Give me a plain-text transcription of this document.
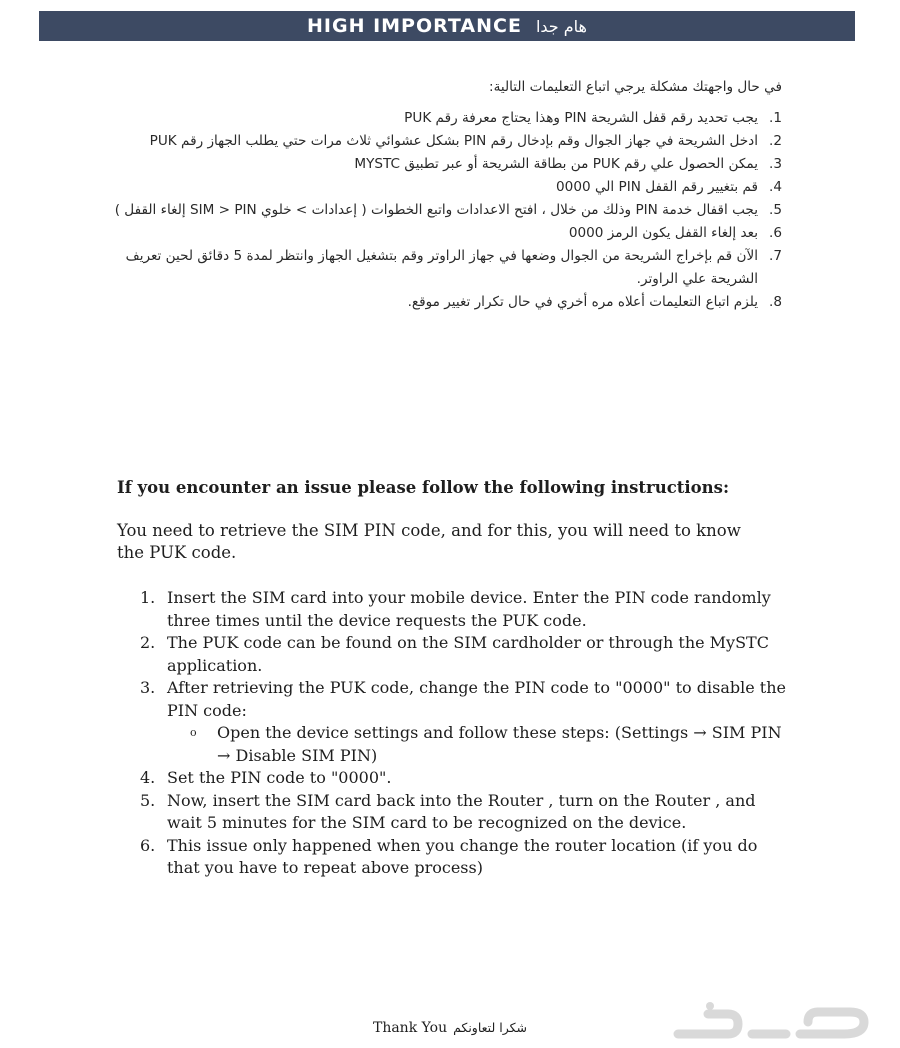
HIGH IMPORTANCE هام جدا

في حال واجهتك مشكلة يرجي اتباع التعليمات التالية:

1.
يجب تحديد رقم قفل الشريحة PIN وهذا يحتاج معرفة رقم PUK
2.
ادخل الشريحة في جهاز الجوال وقم بإدخال رقم PIN بشكل عشوائي ثلاث مرات حتي يطلب الجهاز رقم PUK
3.
يمكن الحصول علي رقم PUK من بطاقة الشريحة أو عبر تطبيق MYSTC
4.
قم بتغيير رقم القفل PIN الي 0000
5.
يجب اقفال خدمة PIN وذلك من خلال ، افتح الاعدادات واتبع الخطوات ( إعدادات > خلوي SIM > PIN إلغاء القفل )
6.
بعد إلغاء القفل يكون الرمز 0000
7.
الآن قم بإخراج الشريحة من الجوال وضعها في جهاز الراوتر وقم بتشغيل الجهاز وانتظر لمدة 5 دقائق لحين تعريف الشريحة علي الراوتر.
8.
يلزم اتباع التعليمات أعلاه مره أخري في حال تكرار تغيير موقع.

If you encounter an issue please follow the following instructions:

You need to retrieve the SIM PIN code, and for this, you will need to know the PUK code.

1. Insert the SIM card into your mobile device. Enter the PIN code randomly three times until the device requests the PUK code.
2. The PUK code can be found on the SIM cardholder or through the MySTC application.
3. After retrieving the PUK code, change the PIN code to "0000" to disable the PIN code:
o	Open the device settings and follow these steps: (Settings → SIM PIN → Disable SIM PIN)
4. Set the PIN code to "0000".
5. Now, insert the SIM card back into the Router , turn on the Router , and wait 5 minutes for the SIM card to be recognized on the device.
6. This issue only happened when you change the router location (if you do that you have to repeat above process)
Thank You شكرا لتعاونكم
